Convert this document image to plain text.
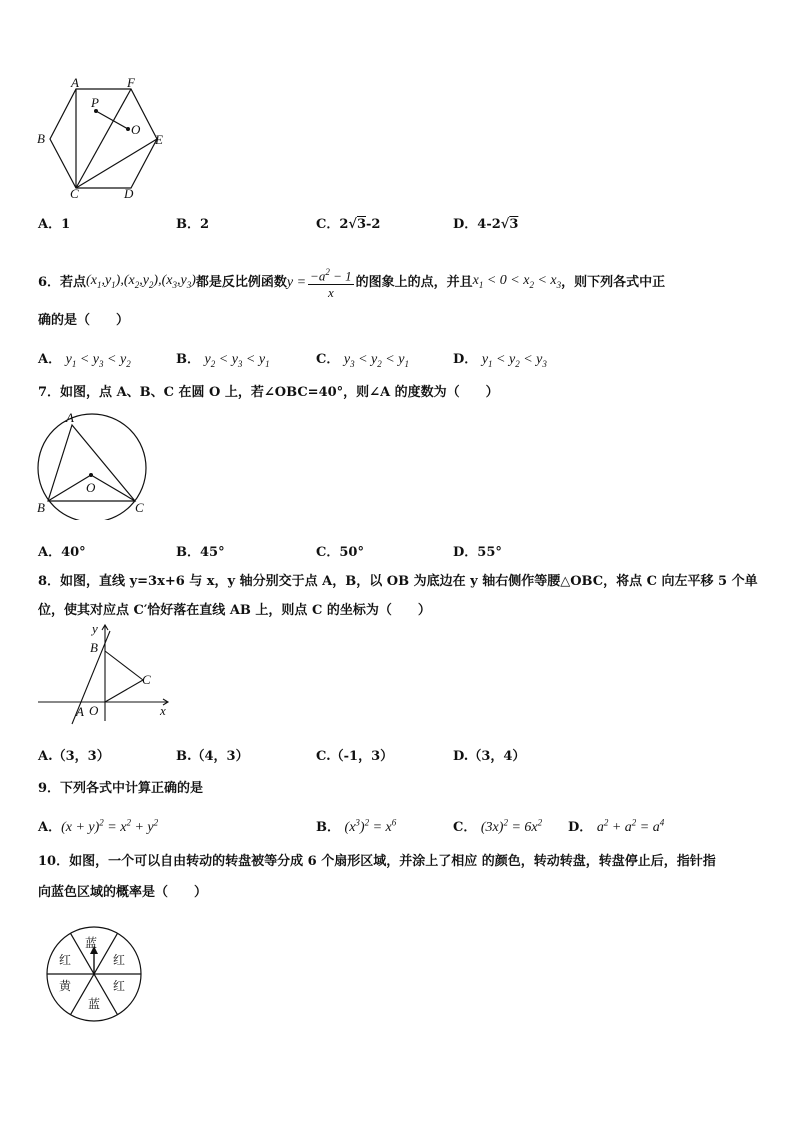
A	F
P
O
B	E
C	D
A．1	B．2	C．2√3-2	D．4-2√3
6．若点 $(x_1,y_1),(x_2,y_2),(x_3,y_3)$ 都是反比例函数 $y = \frac{-a^2 - 1}{x}$ 的图象上的点，并且 $x_1 < 0 < x_2 < x_3$ ，则下列各式中正
确的是（　　）
A． $y_1 < y_3 < y_2$	B． $y_2 < y_3 < y_1$	C． $y_3 < y_2 < y_1$	D． $y_1 < y_2 < y_3$
7．如图，点 A、B、C 在圆 O 上，若∠OBC=40°，则∠A 的度数为（　　）
A
O
B	C
A．40°	B．45°	C．50°	D．55°
8．如图，直线 y=3x+6 与 x，y 轴分别交于点 A，B，以 OB 为底边在 y 轴右侧作等腰△OBC，将点 C 向左平移 5 个单
位，使其对应点 C′恰好落在直线 AB 上，则点 C 的坐标为（　　）
y
B
C
A O	x
A.（3，3）	B.（4，3）	C.（-1，3）	D.（3，4）
9．下列各式中计算正确的是
A．$(x + y)^2 = x^2 + y^2$	B． $(x^3)^2 = x^6$	C． $(3x)^2 = 6x^2$ D． $a^2 + a^2 = a^4$
10．如图，一个可以自由转动的转盘被等分成 6 个扇形区域，并涂上了相应 的颜色，转动转盘，转盘停止后，指针指
向蓝色区域的概率是（　　）
蓝
红
红
蓝
黄
红
